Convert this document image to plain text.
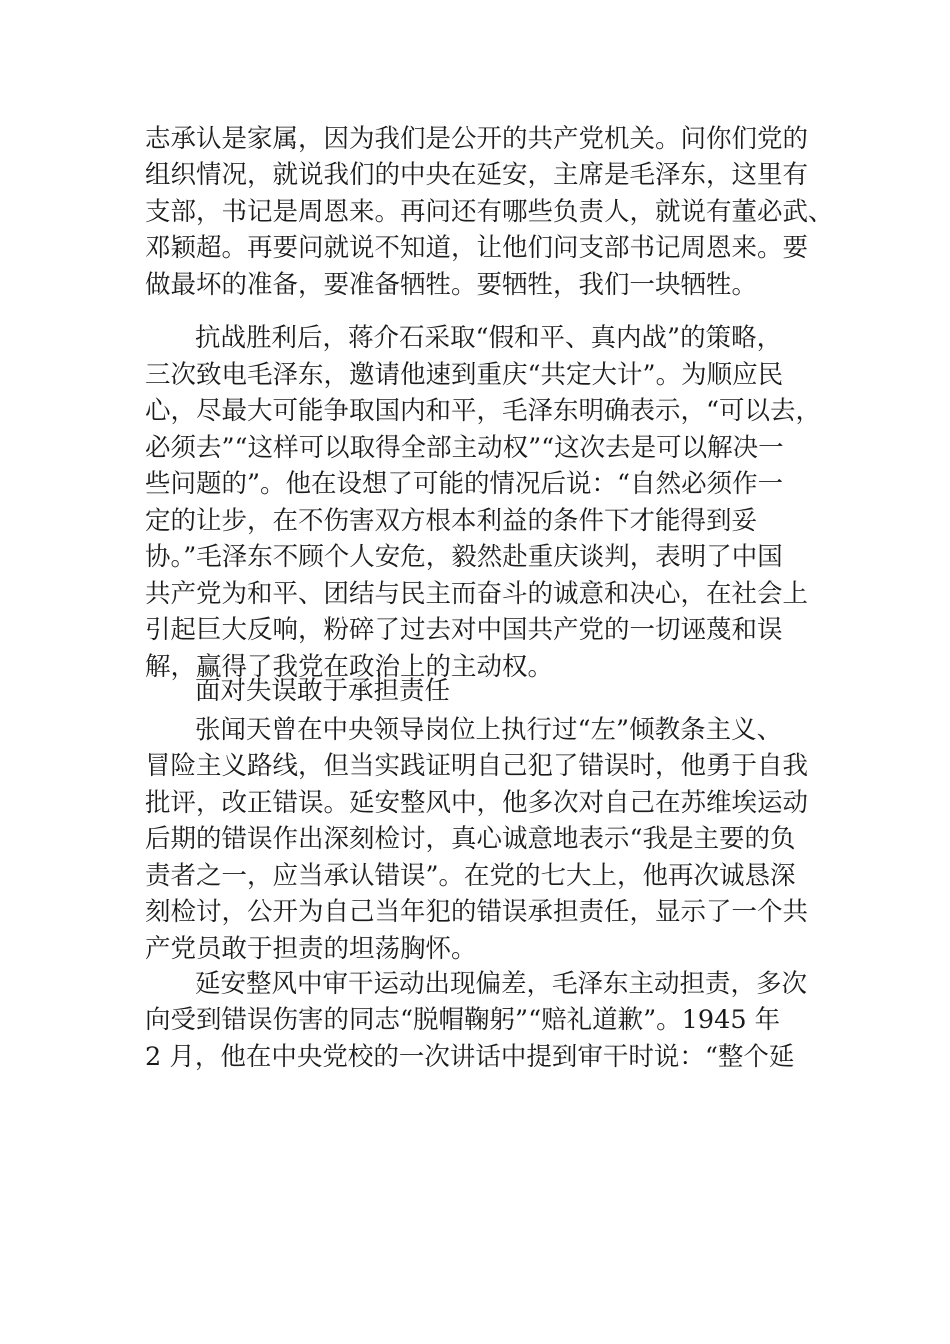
志承认是家属，因为我们是公开的共产党机关。问你们党的
组织情况，就说我们的中央在延安，主席是毛泽东，这里有
支部，书记是周恩来。再问还有哪些负责人，就说有董必武、
邓颖超。再要问就说不知道，让他们问支部书记周恩来。要
做最坏的准备，要准备牺牲。要牺牲，我们一块牺牲。
抗战胜利后，蒋介石采取“假和平、真内战”的策略，
三次致电毛泽东，邀请他速到重庆“共定大计”。为顺应民
心，尽最大可能争取国内和平，毛泽东明确表示，“可以去，
必须去”“这样可以取得全部主动权”“这次去是可以解决一
些问题的”。他在设想了可能的情况后说：“自然必须作一
定的让步，在不伤害双方根本利益的条件下才能得到妥
协。”毛泽东不顾个人安危，毅然赴重庆谈判，表明了中国
共产党为和平、团结与民主而奋斗的诚意和决心，在社会上
引起巨大反响，粉碎了过去对中国共产党的一切诬蔑和误
解，赢得了我党在政治上的主动权。
面对失误敢于承担责任
张闻天曾在中央领导岗位上执行过“左”倾教条主义、
冒险主义路线，但当实践证明自己犯了错误时，他勇于自我
批评，改正错误。延安整风中，他多次对自己在苏维埃运动
后期的错误作出深刻检讨，真心诚意地表示“我是主要的负
责者之一，应当承认错误”。在党的七大上，他再次诚恳深
刻检讨，公开为自己当年犯的错误承担责任，显示了一个共
产党员敢于担责的坦荡胸怀。
延安整风中审干运动出现偏差，毛泽东主动担责，多次
向受到错误伤害的同志“脱帽鞠躬”“赔礼道歉”。1945 年
2 月，他在中央党校的一次讲话中提到审干时说：“整个延
